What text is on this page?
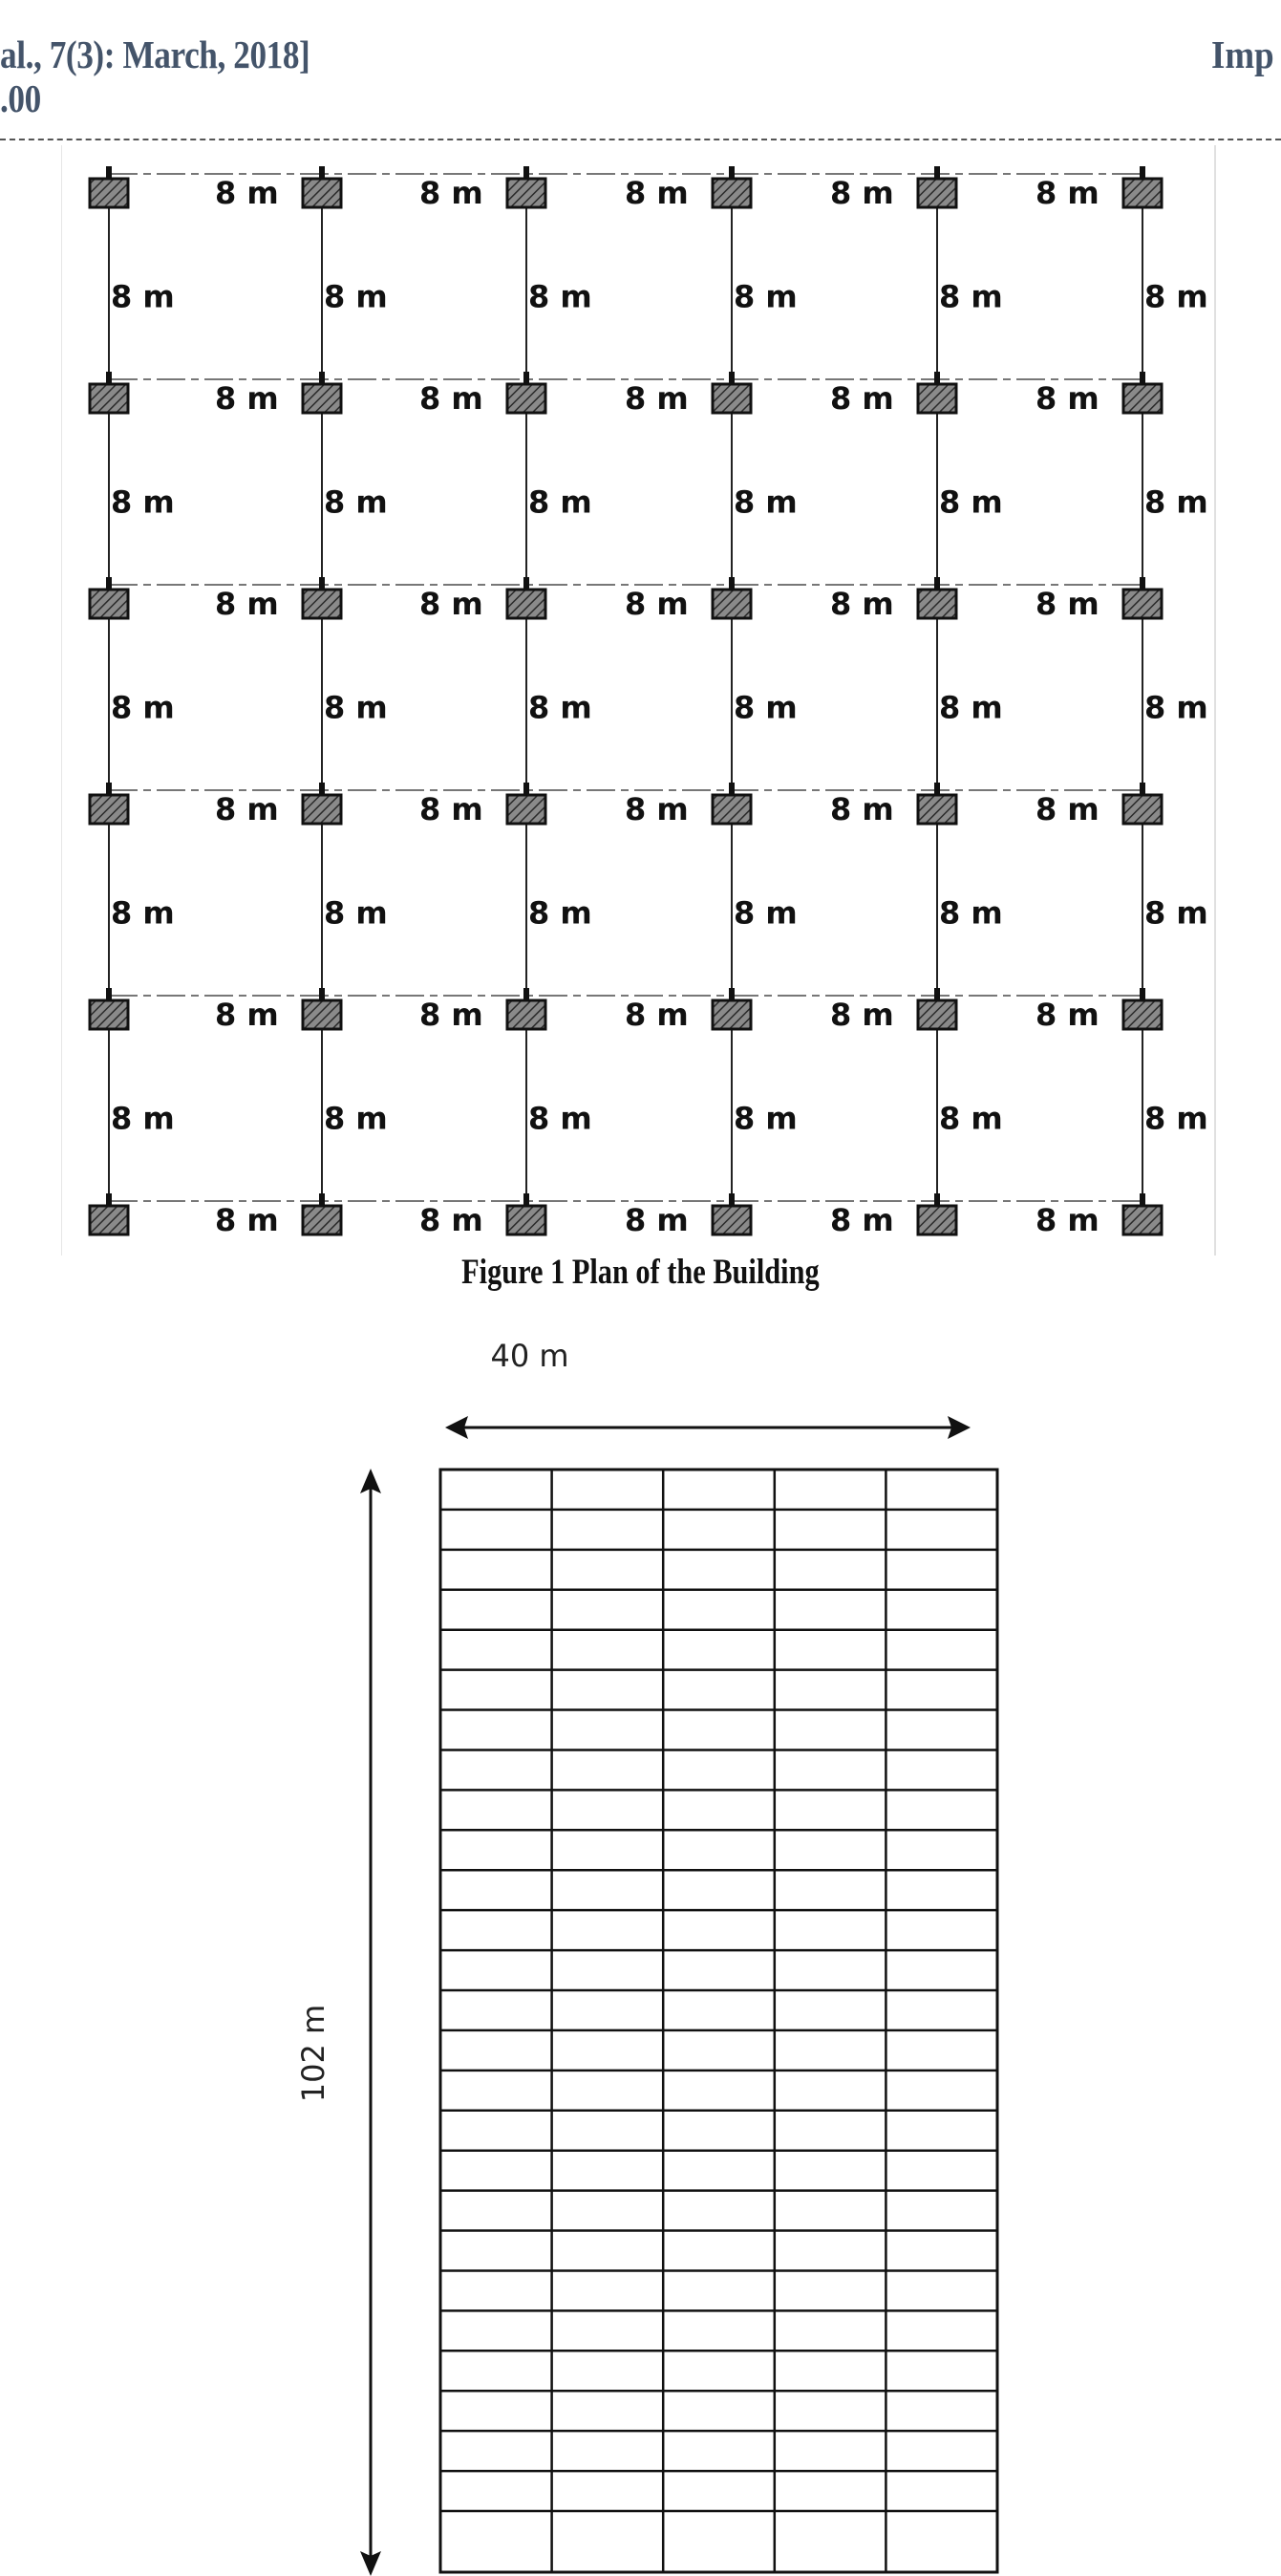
al., 7(3): March, 2018]
.00
Imp
8 m	8 m	8 m	8 m	8 m
8 m	8 m	8 m	8 m	8 m
8 m	8 m	8 m	8 m	8 m
8 m	8 m	8 m	8 m	8 m
8 m	8 m	8 m	8 m	8 m
8 m	8 m	8 m	8 m	8 m
8 m	8 m	8 m	8 m	8 m	8 m
8 m	8 m	8 m	8 m	8 m	8 m
8 m	8 m	8 m	8 m	8 m	8 m
8 m	8 m	8 m	8 m	8 m	8 m
8 m	8 m	8 m	8 m	8 m	8 m
Figure 1 Plan of the Building
40 m
102 m
